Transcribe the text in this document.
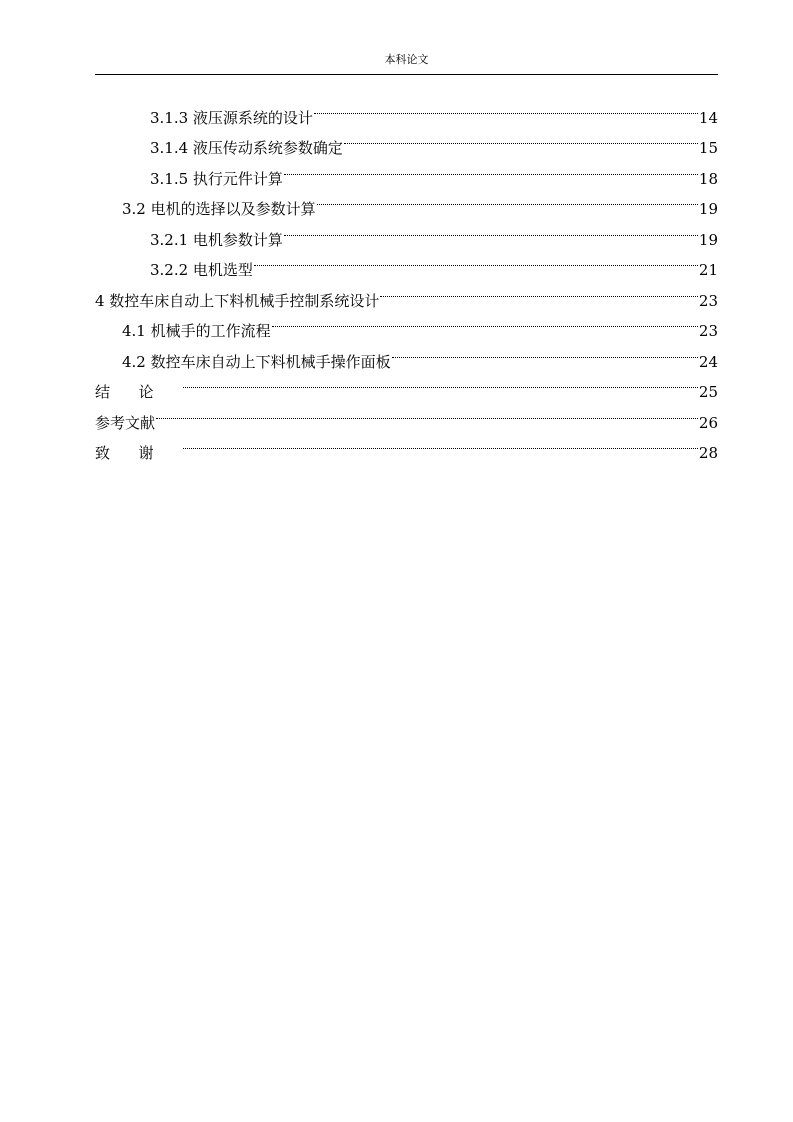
本科论文
3.1.3 液压源系统的设计	14
3.1.4 液压传动系统参数确定	15
3.1.5 执行元件计算	18
3.2 电机的选择以及参数计算	19
3.2.1 电机参数计算	19
3.2.2 电机选型	21
4 数控车床自动上下料机械手控制系统设计	23
4.1 机械手的工作流程	23
4.2 数控车床自动上下料机械手操作面板	24
结论	25
参考文献	26
致谢	28
